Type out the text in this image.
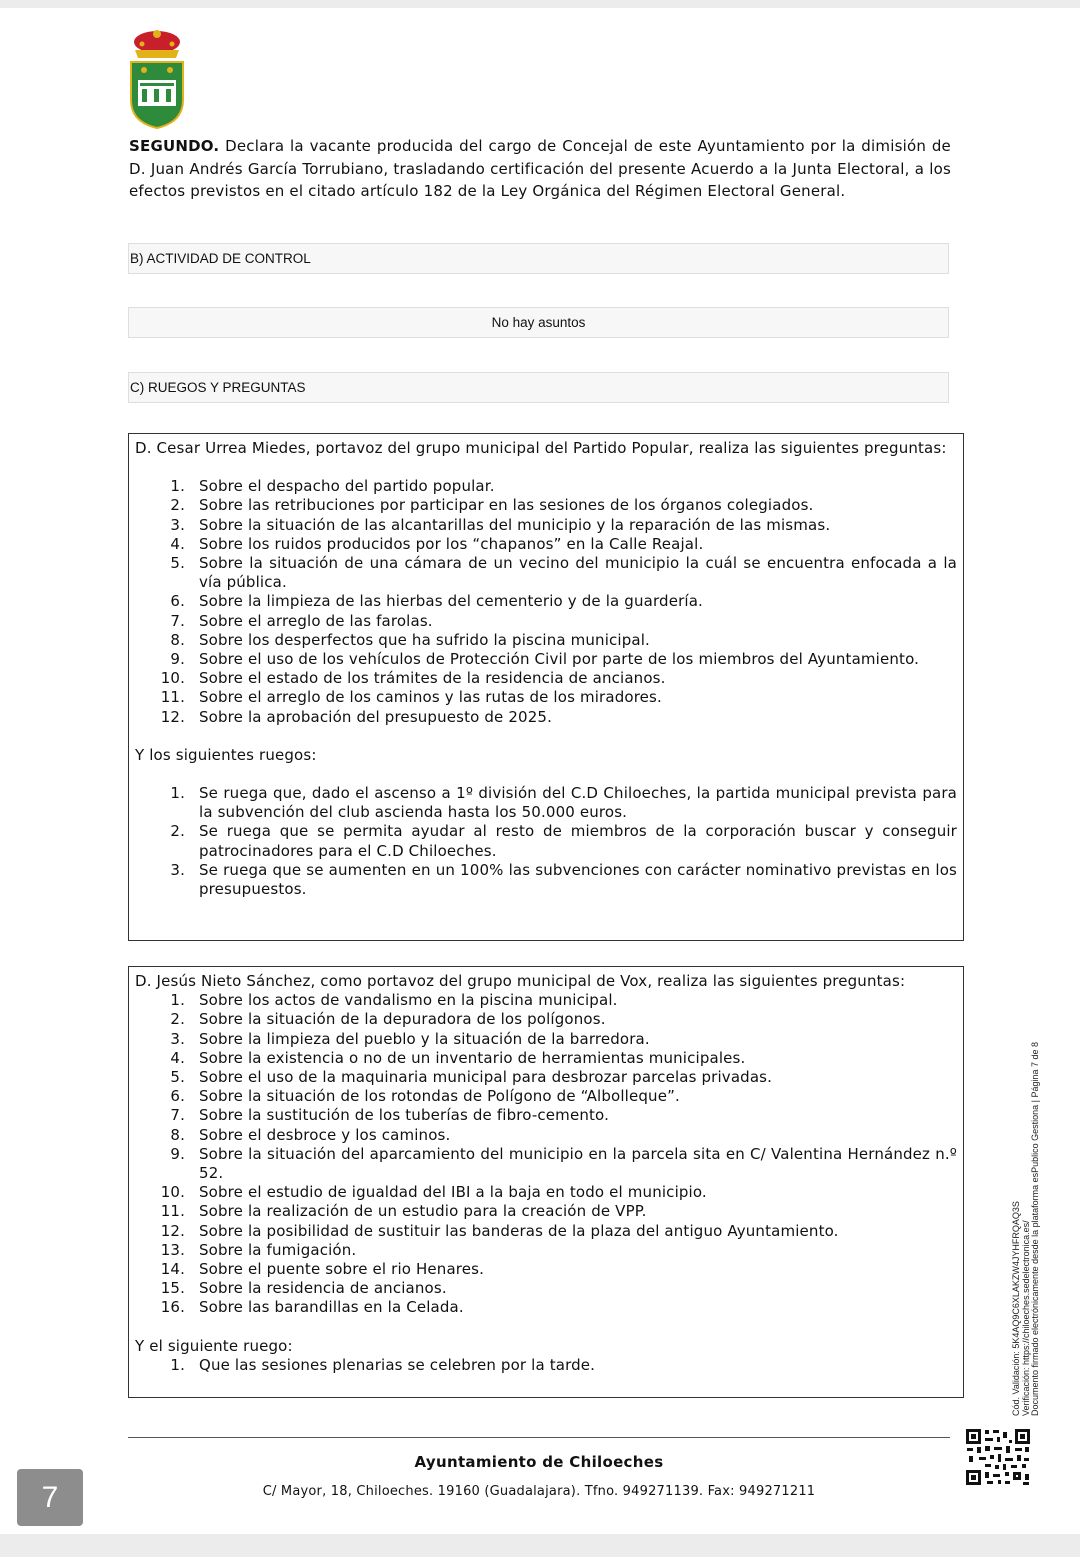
SEGUNDO. Declara la vacante producida del cargo de Concejal de este Ayuntamiento por la dimisión de D. Juan Andrés García Torrubiano, trasladando certificación del presente Acuerdo a la Junta Electoral, a los efectos previstos en el citado artículo 182 de la Ley Orgánica del Régimen Electoral General.

B) ACTIVIDAD DE CONTROL
No hay asuntos
C) RUEGOS Y PREGUNTAS

D. Cesar Urrea Miedes, portavoz del grupo municipal del Partido Popular, realiza las siguientes preguntas:

1. Sobre el despacho del partido popular.
2. Sobre las retribuciones por participar en las sesiones de los órganos colegiados.
3. Sobre la situación de las alcantarillas del municipio y la reparación de las mismas.
4. Sobre los ruidos producidos por los “chapanos” en la Calle Reajal.
5. Sobre la situación de una cámara de un vecino del municipio la cuál se encuentra enfocada a la vía pública.
6. Sobre la limpieza de las hierbas del cementerio y de la guardería.
7. Sobre el arreglo de las farolas.
8. Sobre los desperfectos que ha sufrido la piscina municipal.
9. Sobre el uso de los vehículos de Protección Civil por parte de los miembros del Ayuntamiento.
10. Sobre el estado de los trámites de la residencia de ancianos.
11. Sobre el arreglo de los caminos y las rutas de los miradores.
12. Sobre la aprobación del presupuesto de 2025.

Y los siguientes ruegos:

1. Se ruega que, dado el ascenso a 1º división del C.D Chiloeches, la partida municipal prevista para la subvención del club ascienda hasta los 50.000 euros.
2. Se ruega que se permita ayudar al resto de miembros de la corporación buscar y conseguir patrocinadores para el C.D Chiloeches.
3. Se ruega que se aumenten en un 100% las subvenciones con carácter nominativo previstas en los presupuestos.

D. Jesús Nieto Sánchez, como portavoz del grupo municipal de Vox, realiza las siguientes preguntas:

1. Sobre los actos de vandalismo en la piscina municipal.
2. Sobre la situación de la depuradora de los polígonos.
3. Sobre la limpieza del pueblo y la situación de la barredora.
4. Sobre la existencia o no de un inventario de herramientas municipales.
5. Sobre el uso de la maquinaria municipal para desbrozar parcelas privadas.
6. Sobre la situación de los rotondas de Polígono de “Albolleque”.
7. Sobre la sustitución de los tuberías de fibro-cemento.
8. Sobre el desbroce y los caminos.
9. Sobre la situación del aparcamiento del municipio en la parcela sita en C/ Valentina Hernández n.º 52.
10. Sobre el estudio de igualdad del IBI a la baja en todo el municipio.
11. Sobre la realización de un estudio para la creación de VPP.
12. Sobre la posibilidad de sustituir las banderas de la plaza del antiguo Ayuntamiento.
13. Sobre la fumigación.
14. Sobre el puente sobre el rio Henares.
15. Sobre la residencia de ancianos.
16. Sobre las barandillas en la Celada.

Y el siguiente ruego:

1. Que las sesiones plenarias se celebren por la tarde.	Cód. Validación: 5K4AQ9C6XLAKZW4JYHFRQAQ3S Verificación: https://chiloeches.sedelectronica.es/ Documento firmado electrónicamente desde la plataforma esPublico Gestiona | Página 7 de 8
Ayuntamiento de Chiloeches
C/ Mayor, 18, Chiloeches. 19160 (Guadalajara). Tfno. 949271139. Fax: 949271211
7
